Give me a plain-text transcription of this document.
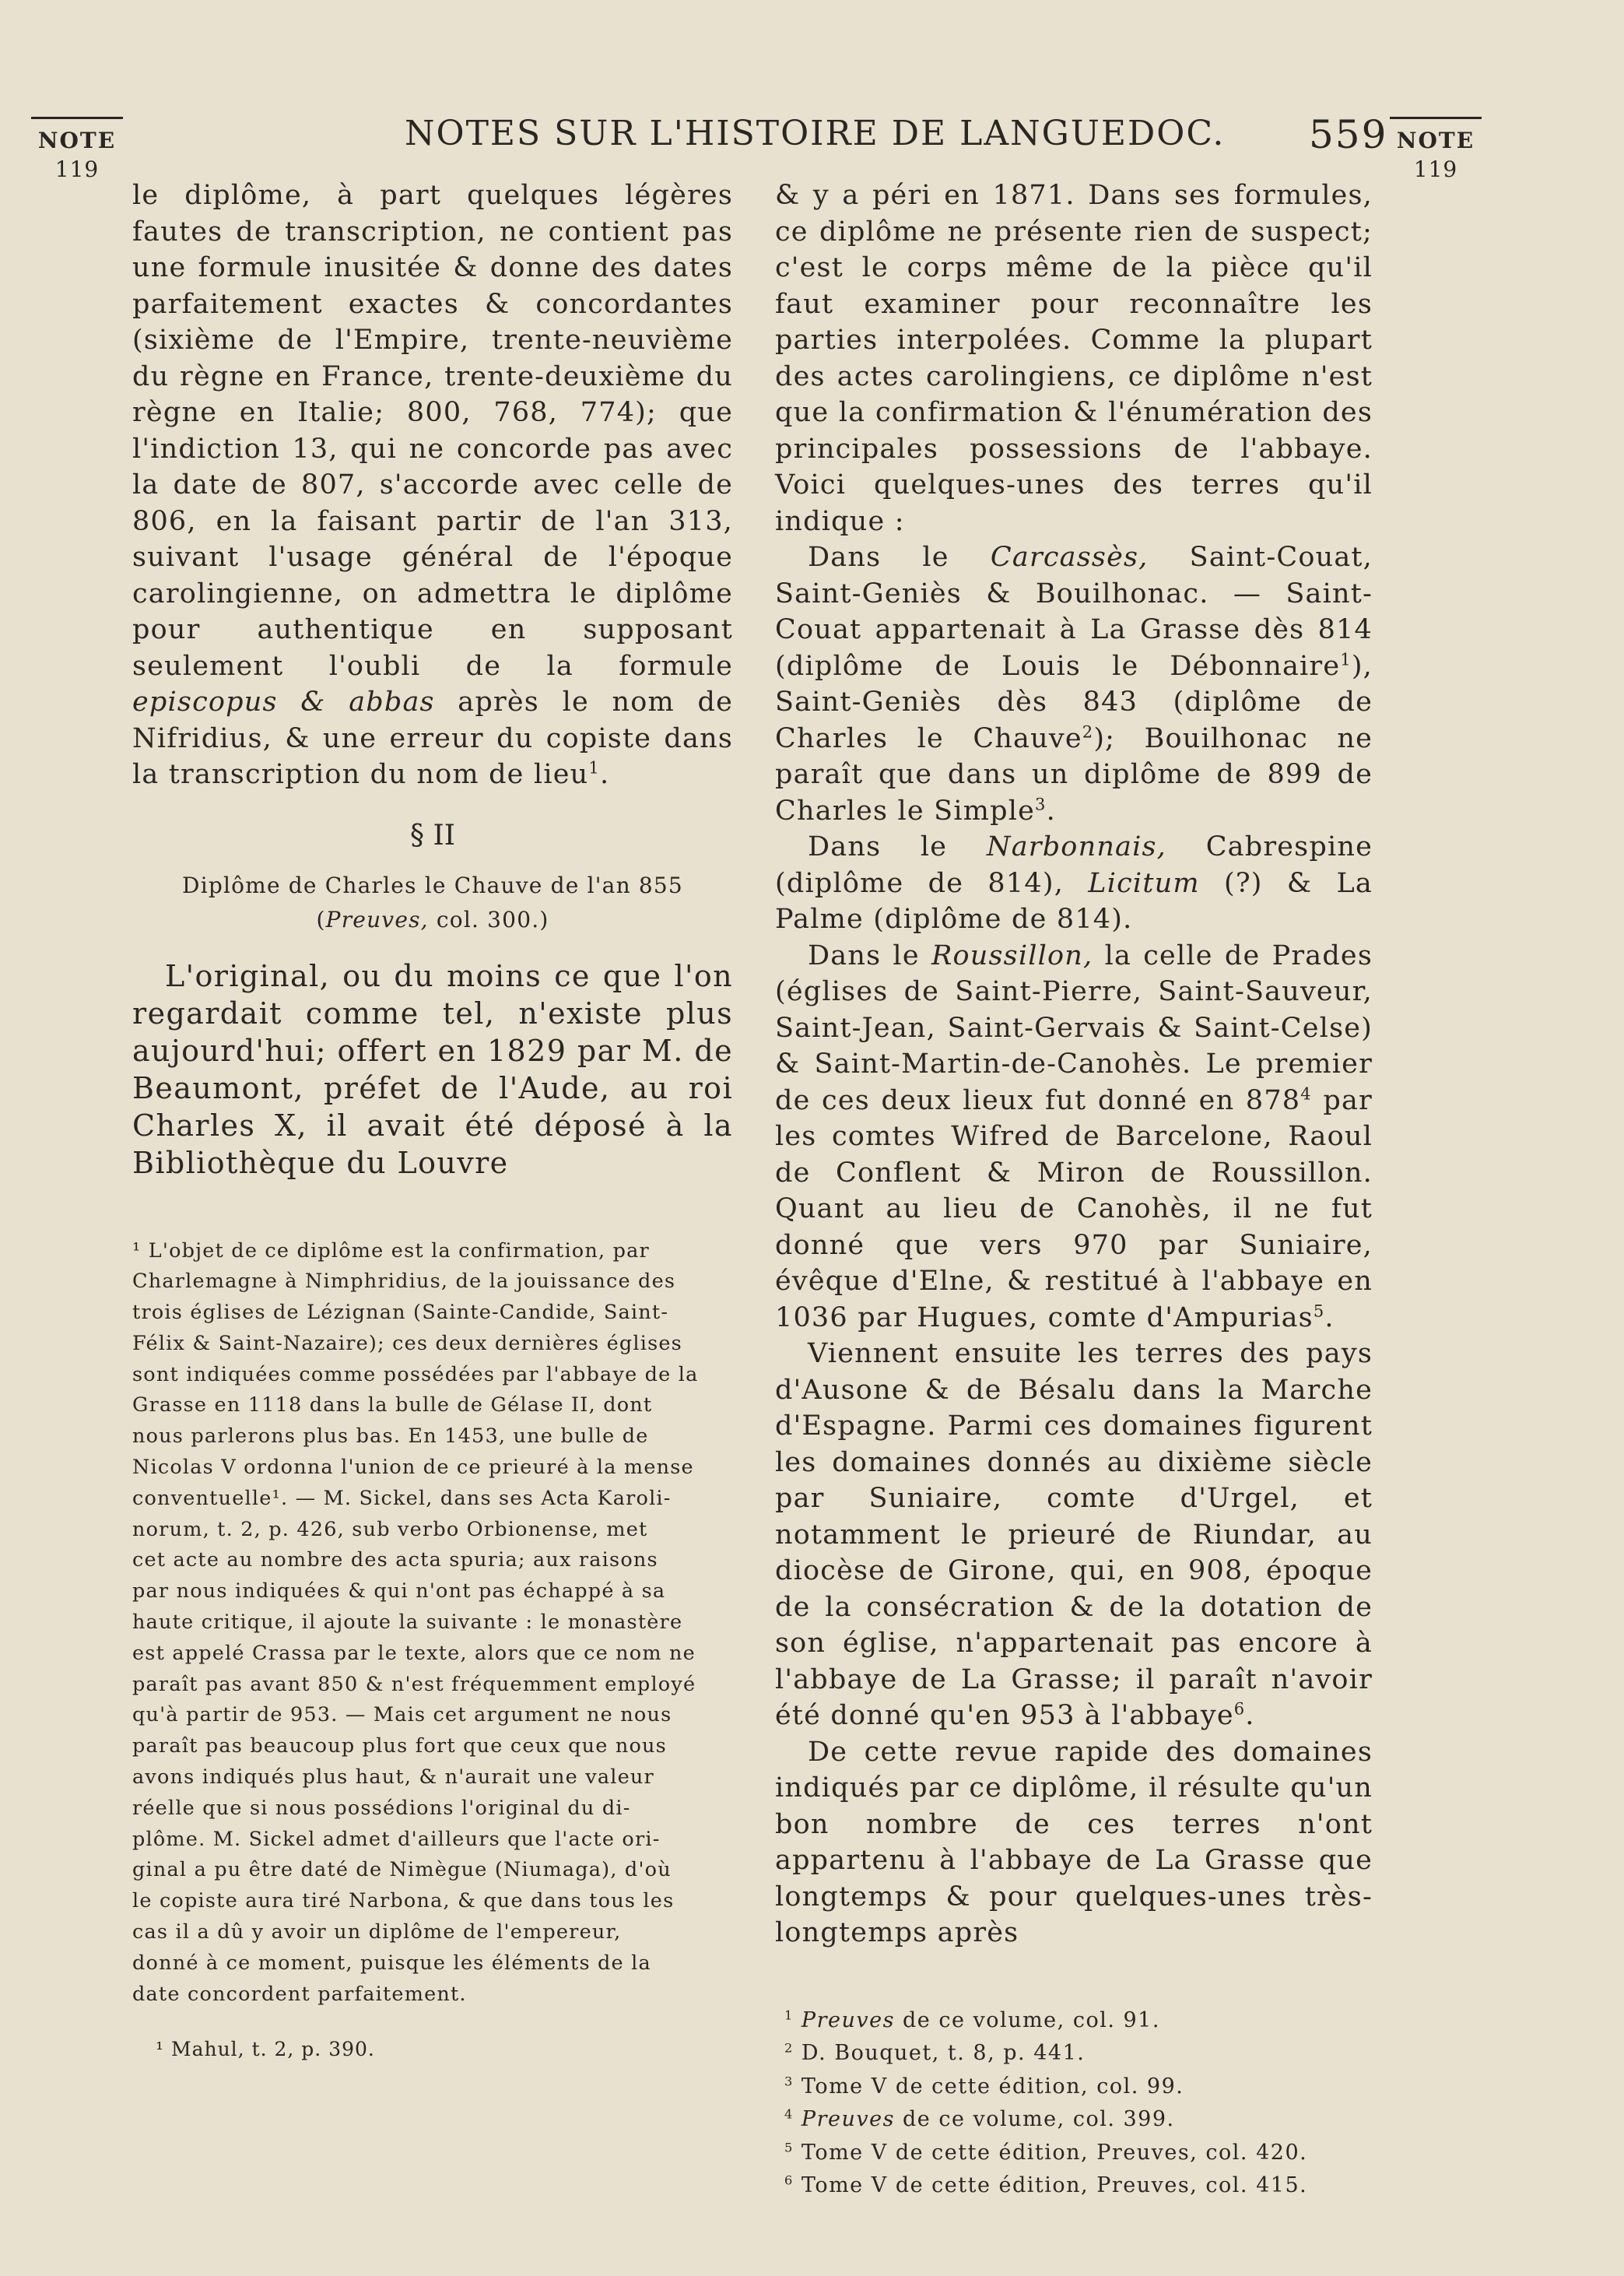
NOTE
119
NOTE
119
NOTES SUR L'HISTOIRE DE LANGUEDOC. 559

le diplôme, à part quelques légères fautes de transcription, ne contient pas une formule inusitée & donne des dates parfaitement exactes & concordantes (sixième de l'Empire, trente-neuvième du règne en France, trente-deuxième du règne en Italie; 800, 768, 774); que l'indiction 13, qui ne concorde pas avec la date de 807, s'accorde avec celle de 806, en la faisant partir de l'an 313, suivant l'usage général de l'époque carolingienne, on admettra le diplôme pour authentique en supposant seulement l'oubli de la formule episcopus & abbas après le nom de Nifridius, & une erreur du copiste dans la transcription du nom de lieu$^1$.

§ II
Diplôme de Charles le Chauve de l'an 855
(Preuves, col. 300.)

L'original, ou du moins ce que l'on regardait comme tel, n'existe plus aujourd'hui; offert en 1829 par M. de Beaumont, préfet de l'Aude, au roi Charles X, il avait été déposé à la Bibliothèque du Louvre

¹ L'objet de ce diplôme est la confirmation, par
Charlemagne à Nimphridius, de la jouissance des
trois églises de Lézignan (Sainte-Candide, Saint-
Félix & Saint-Nazaire); ces deux dernières églises
sont indiquées comme possédées par l'abbaye de la
Grasse en 1118 dans la bulle de Gélase II, dont
nous parlerons plus bas. En 1453, une bulle de
Nicolas V ordonna l'union de ce prieuré à la mense
conventuelle¹. — M. Sickel, dans ses Acta Karoli-
norum, t. 2, p. 426, sub verbo Orbionense, met
cet acte au nombre des acta spuria; aux raisons
par nous indiquées & qui n'ont pas échappé à sa
haute critique, il ajoute la suivante : le monastère
est appelé Crassa par le texte, alors que ce nom ne
paraît pas avant 850 & n'est fréquemment employé
qu'à partir de 953. — Mais cet argument ne nous
paraît pas beaucoup plus fort que ceux que nous
avons indiqués plus haut, & n'aurait une valeur
réelle que si nous possédions l'original du di-
plôme. M. Sickel admet d'ailleurs que l'acte ori-
ginal a pu être daté de Nimègue (Niumaga), d'où
le copiste aura tiré Narbona, & que dans tous les
cas il a dû y avoir un diplôme de l'empereur,
donné à ce moment, puisque les éléments de la
date concordent parfaitement.
¹ Mahul, t. 2, p. 390.

& y a péri en 1871. Dans ses formules, ce diplôme ne présente rien de suspect; c'est le corps même de la pièce qu'il faut examiner pour reconnaître les parties interpolées. Comme la plupart des actes carolingiens, ce diplôme n'est que la confirmation & l'énumération des principales possessions de l'abbaye. Voici quelques-unes des terres qu'il indique :

Dans le Carcassès, Saint-Couat, Saint-Geniès & Bouilhonac. — Saint-Couat appartenait à La Grasse dès 814 (diplôme de Louis le Débonnaire$^1$), Saint-Geniès dès 843 (diplôme de Charles le Chauve$^2$); Bouilhonac ne paraît que dans un diplôme de 899 de Charles le Simple$^3$.

Dans le Narbonnais, Cabrespine (diplôme de 814), Licitum (?) & La Palme (diplôme de 814).

Dans le Roussillon, la celle de Prades (églises de Saint-Pierre, Saint-Sauveur, Saint-Jean, Saint-Gervais & Saint-Celse) & Saint-Martin-de-Canohès. Le premier de ces deux lieux fut donné en $878^4$ par les comtes Wifred de Barcelone, Raoul de Conflent & Miron de Roussillon. Quant au lieu de Canohès, il ne fut donné que vers 970 par Suniaire, évêque d'Elne, & restitué à l'abbaye en 1036 par Hugues, comte d'Ampurias$^5$.

Viennent ensuite les terres des pays d'Ausone & de Bésalu dans la Marche d'Espagne. Parmi ces domaines figurent les domaines donnés au dixième siècle par Suniaire, comte d'Urgel, et notamment le prieuré de Riundar, au diocèse de Girone, qui, en 908, époque de la consécration & de la dotation de son église, n'appartenait pas encore à l'abbaye de La Grasse; il paraît n'avoir été donné qu'en 953 à l'abbaye$^6$.

De cette revue rapide des domaines indiqués par ce diplôme, il résulte qu'un bon nombre de ces terres n'ont appartenu à l'abbaye de La Grasse que longtemps & pour quelques-unes très-longtemps après

$^1$ Preuves de ce volume, col. 91.
$^2$ D. Bouquet, t. 8, p. 441.
$^3$ Tome V de cette édition, col. 99.
$^4$ Preuves de ce volume, col. 399.
$^5$ Tome V de cette édition, Preuves, col. 420.
$^6$ Tome V de cette édition, Preuves, col. 415.
